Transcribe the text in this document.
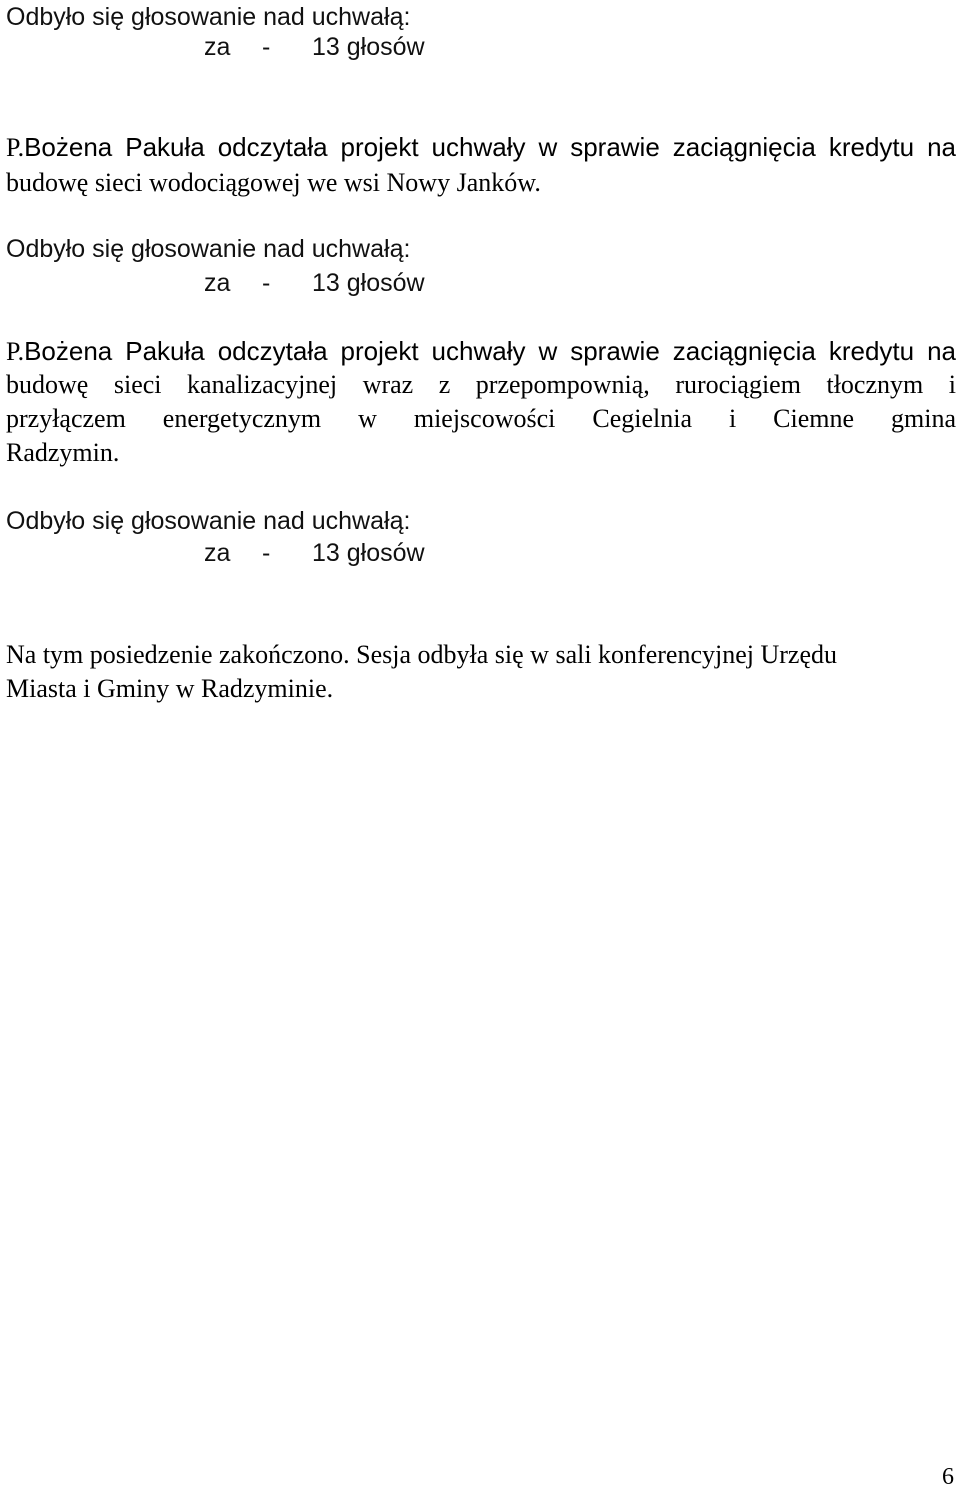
Odbyło się głosowanie nad uchwałą:
za - 13 głosów
P.Bożena Pakuła odczytała projekt uchwały w sprawie zaciągnięcia kredytu na
budowę sieci wodociągowej we wsi Nowy Janków.
Odbyło się głosowanie nad uchwałą:
za - 13 głosów
P.Bożena Pakuła odczytała projekt uchwały w sprawie zaciągnięcia kredytu na
budowę sieci kanalizacyjnej wraz z przepompownią, rurociągiem tłocznym i
przyłączem energetycznym w miejscowości Cegielnia i Ciemne gmina
Radzymin.
Odbyło się głosowanie nad uchwałą:
za - 13 głosów
Na tym posiedzenie zakończono. Sesja odbyła się w sali konferencyjnej Urzędu
Miasta i Gminy w Radzyminie.
6
